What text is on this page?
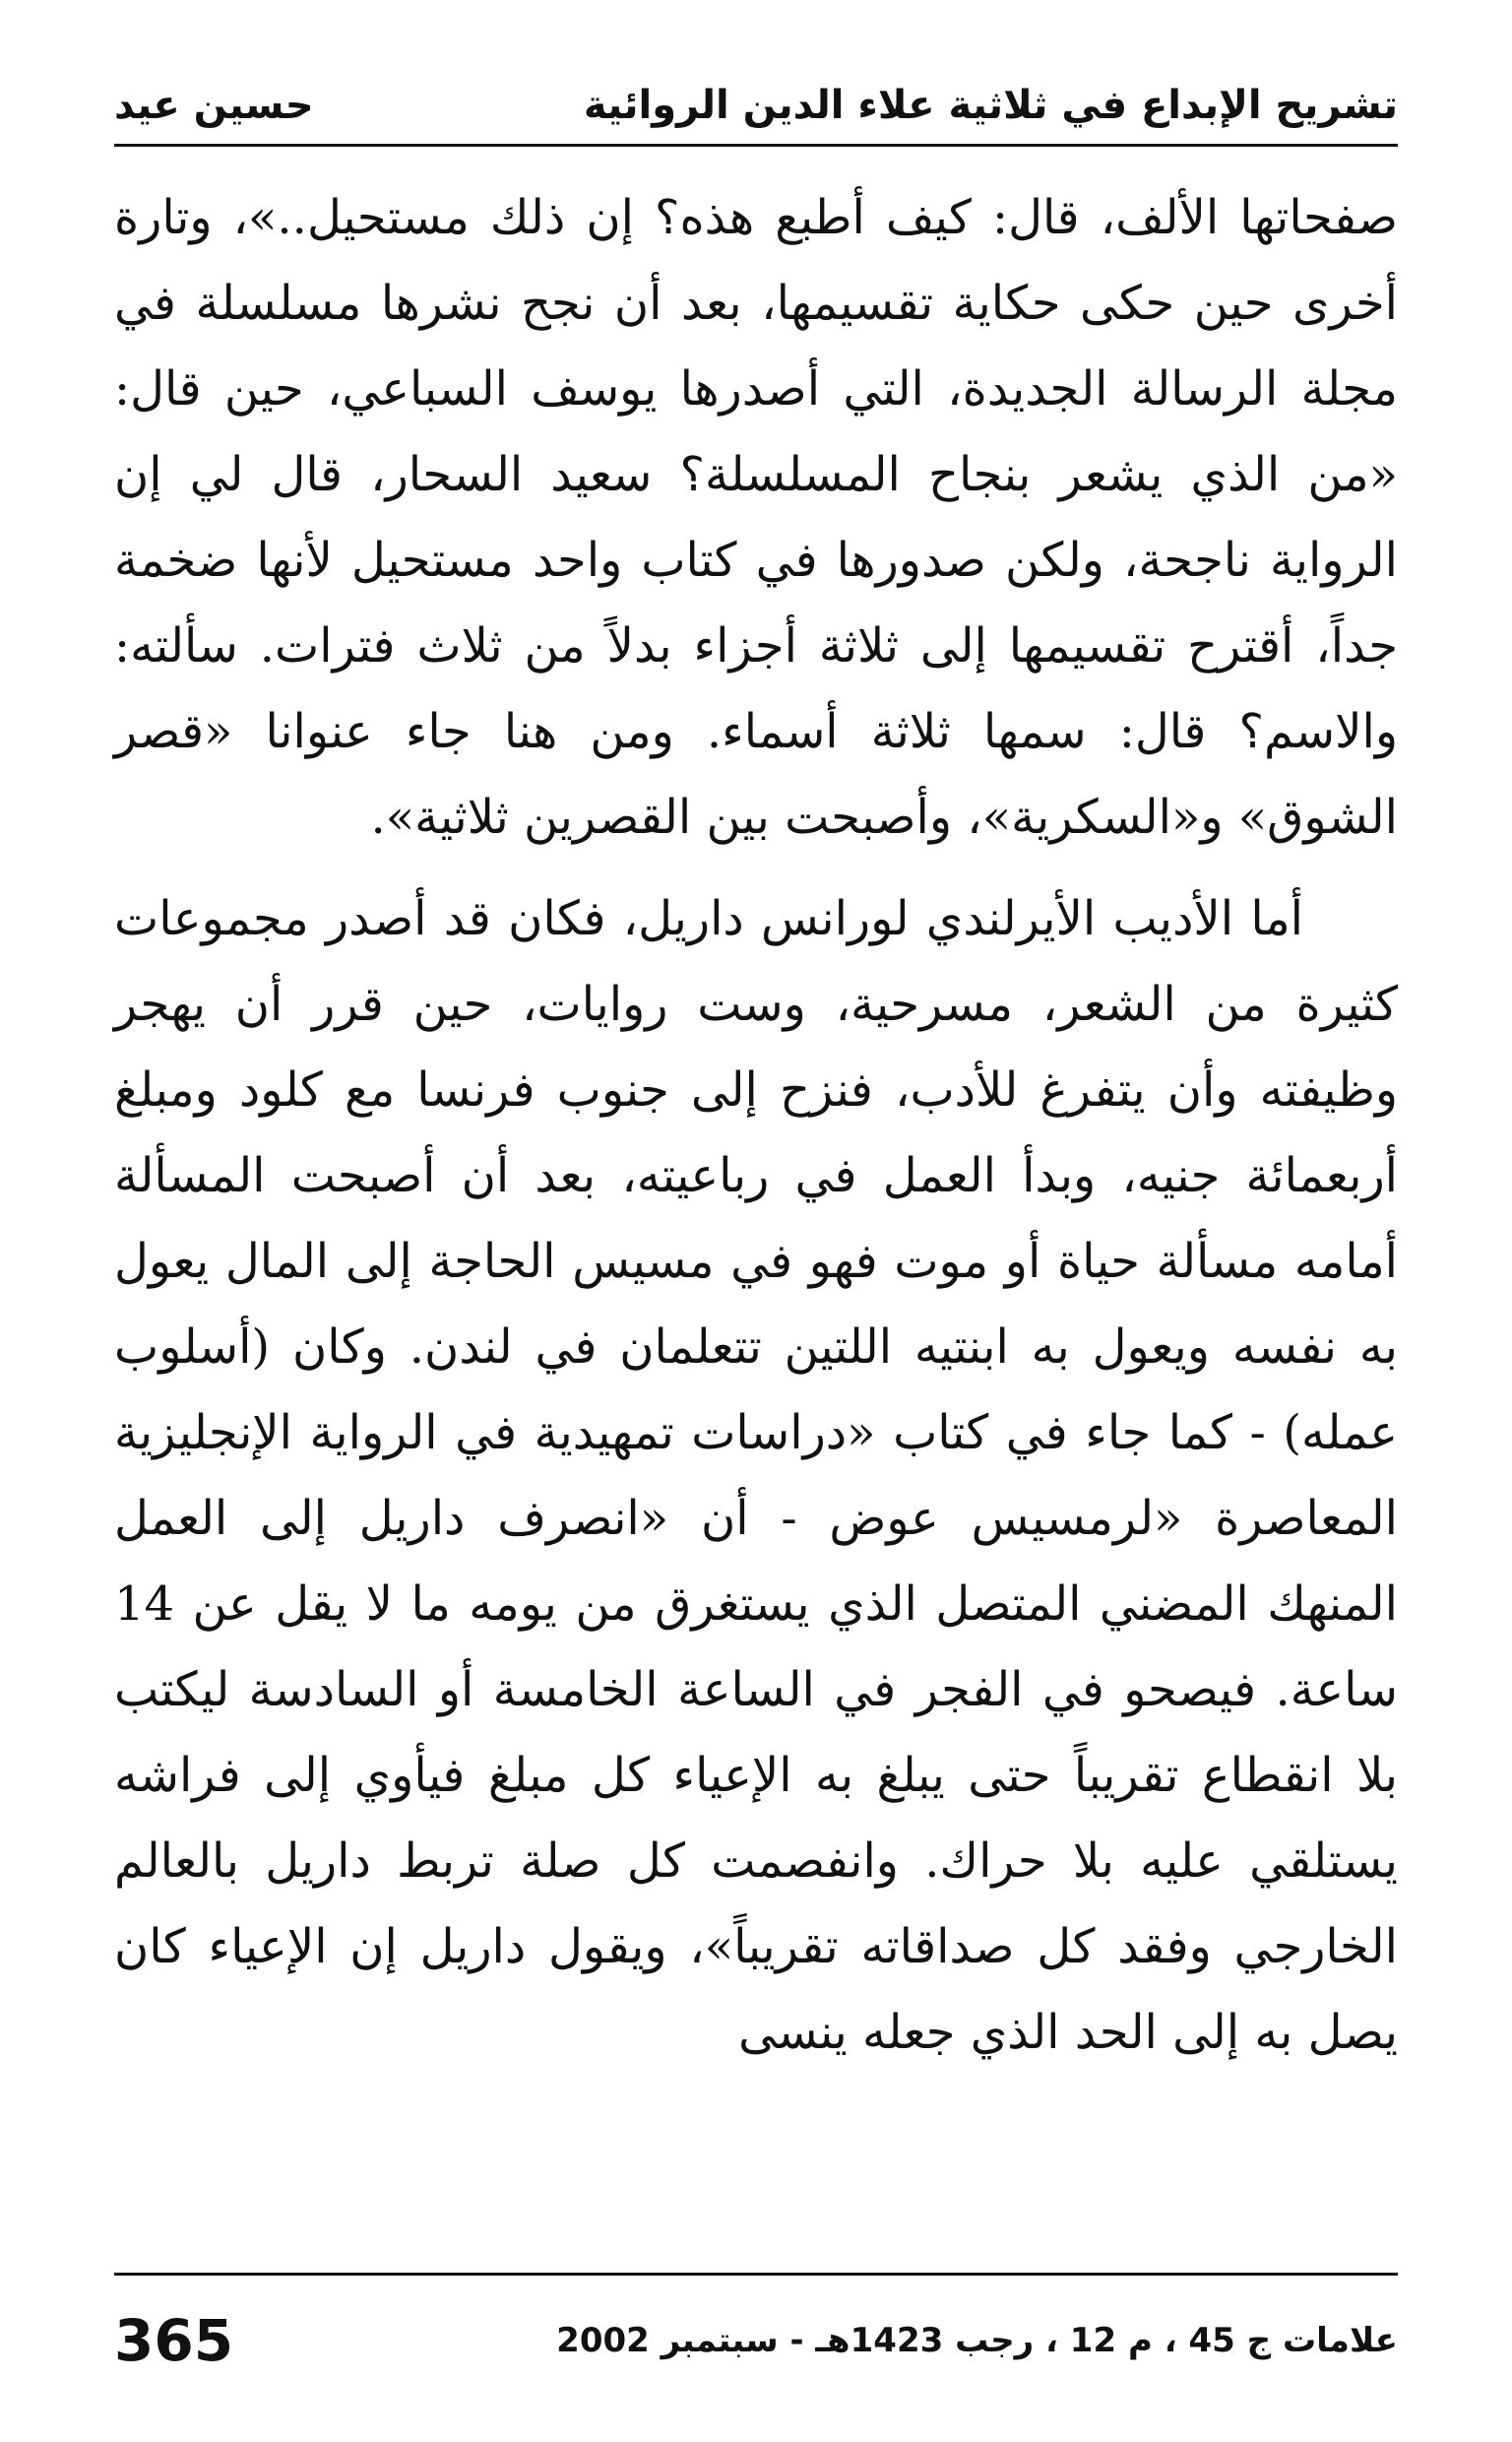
تشريح الإبداع في ثلاثية علاء الدين الروائية
حسين عيد

صفحاتها الألف، قال: كيف أطبع هذه؟ إن ذلك مستحيل..»، وتارة أخرى حين حكى حكاية تقسيمها، بعد أن نجح نشرها مسلسلة في مجلة الرسالة الجديدة، التي أصدرها يوسف السباعي، حين قال: «من الذي يشعر بنجاح المسلسلة؟ سعيد السحار، قال لي إن الرواية ناجحة، ولكن صدورها في كتاب واحد مستحيل لأنها ضخمة جداً، أقترح تقسيمها إلى ثلاثة أجزاء بدلاً من ثلاث فترات. سألته: والاسم؟ قال: سمها ثلاثة أسماء. ومن هنا جاء عنوانا «قصر الشوق» و«السكرية»، وأصبحت بين القصرين ثلاثية».

أما الأديب الأيرلندي لورانس داريل، فكان قد أصدر مجموعات كثيرة من الشعر، مسرحية، وست روايات، حين قرر أن يهجر وظيفته وأن يتفرغ للأدب، فنزح إلى جنوب فرنسا مع كلود ومبلغ أربعمائة جنيه، وبدأ العمل في رباعيته، بعد أن أصبحت المسألة أمامه مسألة حياة أو موت فهو في مسيس الحاجة إلى المال يعول به نفسه ويعول به ابنتيه اللتين تتعلمان في لندن. وكان (أسلوب عمله) - كما جاء في كتاب «دراسات تمهيدية في الرواية الإنجليزية المعاصرة «لرمسيس عوض - أن «انصرف داريل إلى العمل المنهك المضني المتصل الذي يستغرق من يومه ما لا يقل عن 14 ساعة. فيصحو في الفجر في الساعة الخامسة أو السادسة ليكتب بلا انقطاع تقريباً حتى يبلغ به الإعياء كل مبلغ فيأوي إلى فراشه يستلقي عليه بلا حراك. وانفصمت كل صلة تربط داريل بالعالم الخارجي وفقد كل صداقاته تقريباً»، ويقول داريل إن الإعياء كان يصل به إلى الحد الذي جعله ينسى

علامات ج 45 ، م 12 ، رجب 1423هـ - سبتمبر 2002
365
